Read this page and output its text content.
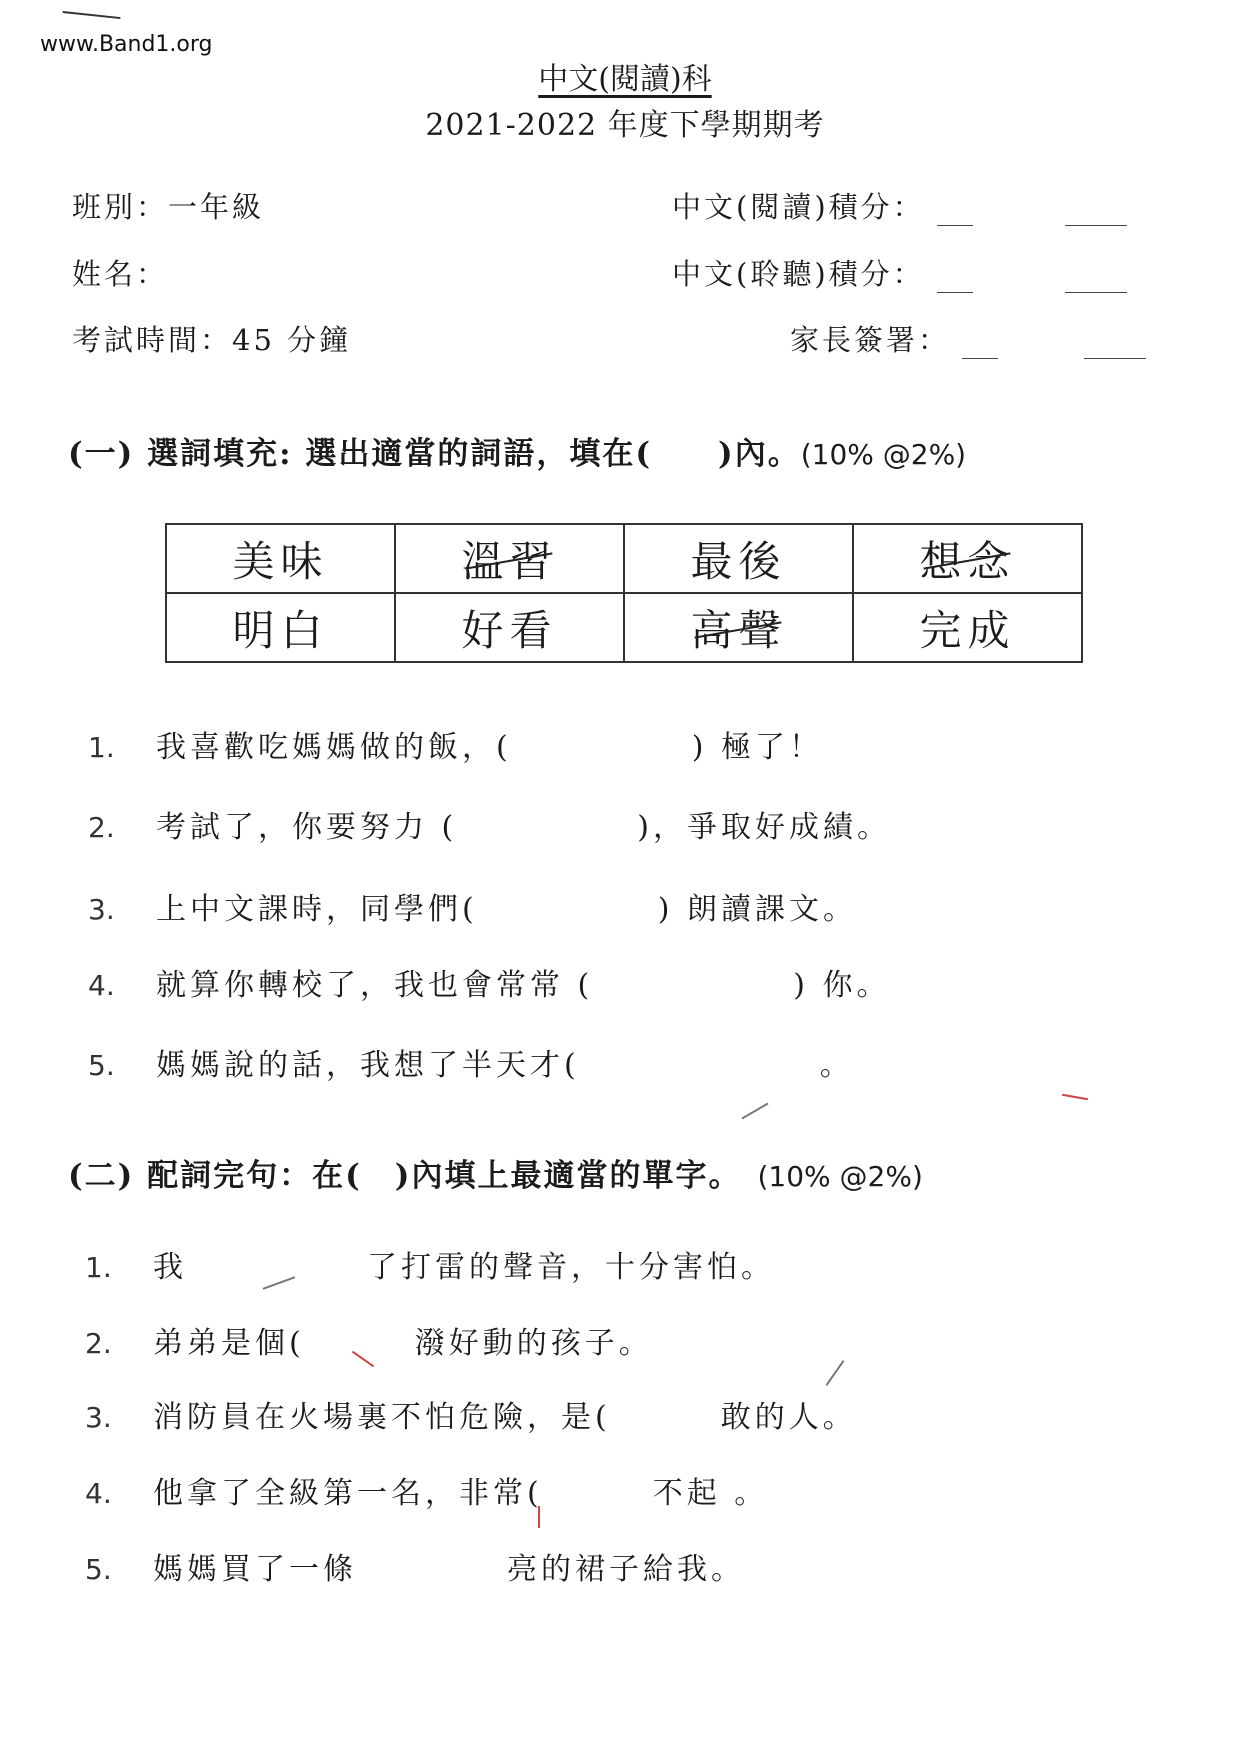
www.Band1.org
中文(閱讀)科
2021-2022 年度下學期期考
班別：一年級
姓名：
考試時間：45 分鐘
中文(閱讀)積分：
中文(聆聽)積分：
家長簽署：
(一) 選詞填充: 選出適當的詞語，填在(　　)內。(10% @2%)
美味	溫習	最後	想念
明白	好看	高聲	完成
1. 我喜歡吃媽媽做的飯，(	) 極了！
2. 考試了，你要努力 (	)，爭取好成績。
3. 上中文課時，同學們(	) 朗讀課文。
4. 就算你轉校了，我也會常常 (	) 你。
5. 媽媽說的話，我想了半天才(	。
(二) 配詞完句：在(　)內填上最適當的單字。 (10% @2%)
1. 我	了打雷的聲音，十分害怕。
2. 弟弟是個(	潑好動的孩子。
3. 消防員在火場裏不怕危險，是(	敢的人。
4. 他拿了全級第一名，非常(	不起 。
5. 媽媽買了一條	亮的裙子給我。
